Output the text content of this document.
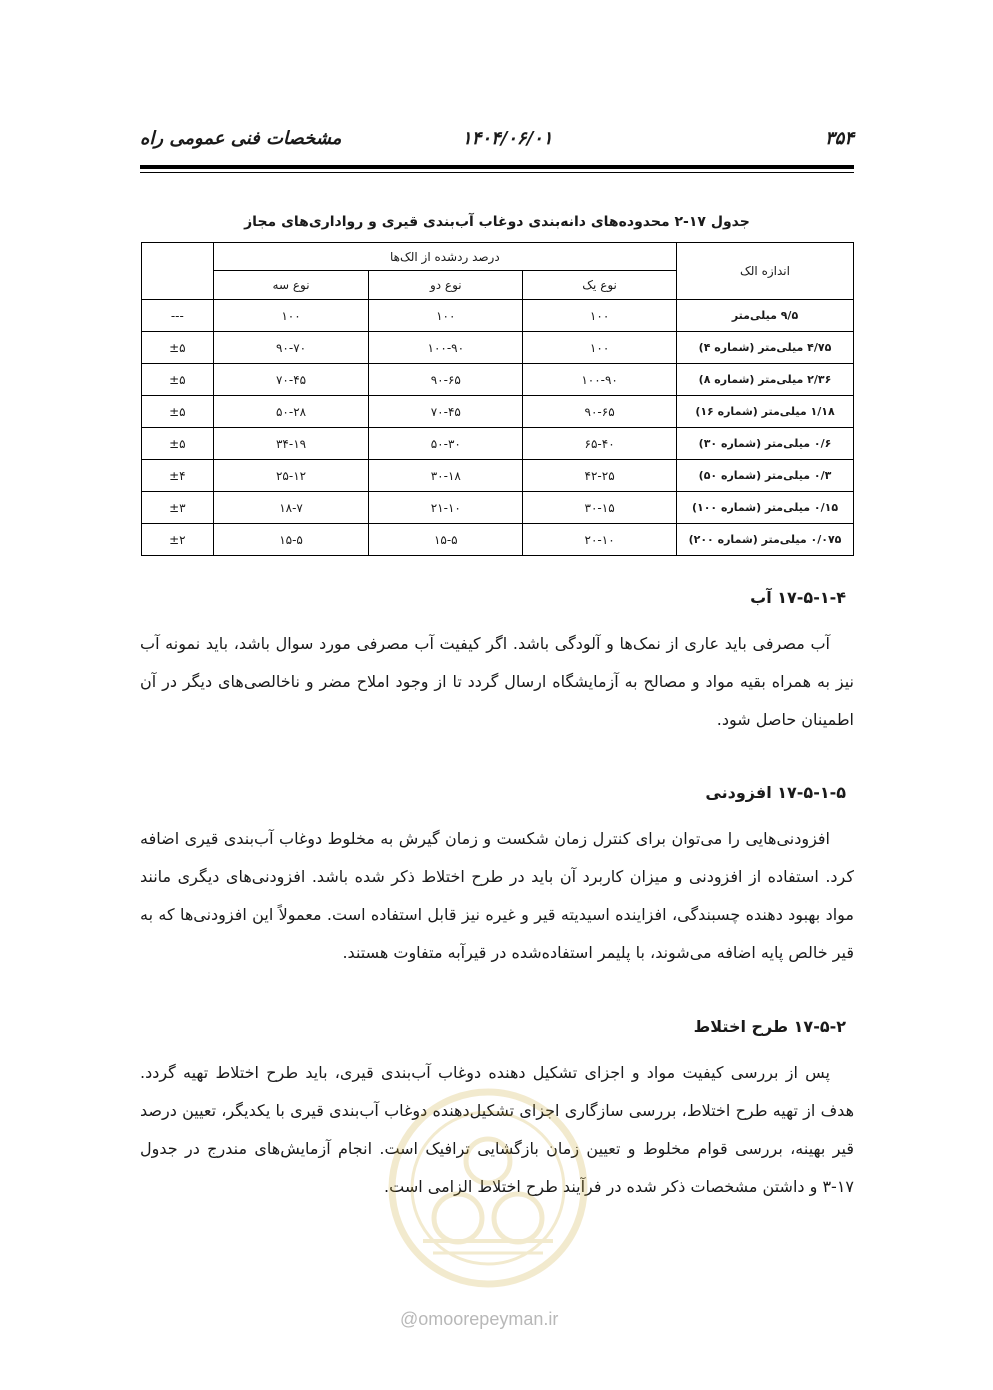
مشخصات فنی عمومی راه	۱۴۰۴/۰۶/۰۱	۳۵۴
جدول ۱۷-۲ محدوده‌های دانه‌بندی دوغاب آب‌بندی قیری و رواداری‌های مجاز
اندازه الک	درصد ردشده از الک‌ها			
	نوع یک	نوع دو	نوع سه	
۹/۵ میلی‌متر	۱۰۰	۱۰۰	۱۰۰	---
۴/۷۵ میلی‌متر (شماره ۴)	۱۰۰	۱۰۰-۹۰	۹۰-۷۰	±۵
۲/۳۶ میلی‌متر (شماره ۸)	۱۰۰-۹۰	۹۰-۶۵	۷۰-۴۵	±۵
۱/۱۸ میلی‌متر (شماره ۱۶)	۹۰-۶۵	۷۰-۴۵	۵۰-۲۸	±۵
۰/۶ میلی‌متر (شماره ۳۰)	۶۵-۴۰	۵۰-۳۰	۳۴-۱۹	±۵
۰/۳ میلی‌متر (شماره ۵۰)	۴۲-۲۵	۳۰-۱۸	۲۵-۱۲	±۴
۰/۱۵ میلی‌متر (شماره ۱۰۰)	۳۰-۱۵	۲۱-۱۰	۱۸-۷	±۳
۰/۰۷۵ میلی‌متر (شماره ۲۰۰)	۲۰-۱۰	۱۵-۵	۱۵-۵	±۲
۱۷-۵-۱-۴ آب
آب مصرفی باید عاری از نمک‌ها و آلودگی باشد. اگر کیفیت آب مصرفی مورد سوال باشد، باید نمونه آب نیز به همراه بقیه مواد و مصالح به آزمایشگاه ارسال گردد تا از وجود املاح مضر و ناخالصی‌های دیگر در آن اطمینان حاصل شود.
۱۷-۵-۱-۵ افزودنی
افزودنی‌هایی را می‌توان برای کنترل زمان شکست و زمان گیرش به مخلوط دوغاب آب‌بندی قیری اضافه کرد. استفاده از افزودنی و میزان کاربرد آن باید در طرح اختلاط ذکر شده باشد. افزودنی‌های دیگری مانند مواد بهبود دهنده چسبندگی، افزاینده اسیدیته قیر و غیره نیز قابل استفاده است. معمولاً این افزودنی‌ها که به قیر خالص پایه اضافه می‌شوند، با پلیمر استفاده‌شده در قیرآبه متفاوت هستند.
۱۷-۵-۲ طرح اختلاط
پس از بررسی کیفیت مواد و اجزای تشکیل دهنده دوغاب آب‌بندی قیری، باید طرح اختلاط تهیه گردد. هدف از تهیه طرح اختلاط، بررسی سازگاری اجزای تشکیل‌دهنده دوغاب آب‌بندی قیری با یکدیگر، تعیین درصد قیر بهینه، بررسی قوام مخلوط و تعیین زمان بازگشایی ترافیک است. انجام آزمایش‌های مندرج در جدول ۱۷-۳ و داشتن مشخصات ذکر شده در فرآیند طرح اختلاط الزامی است.
@omoorepeyman.ir
